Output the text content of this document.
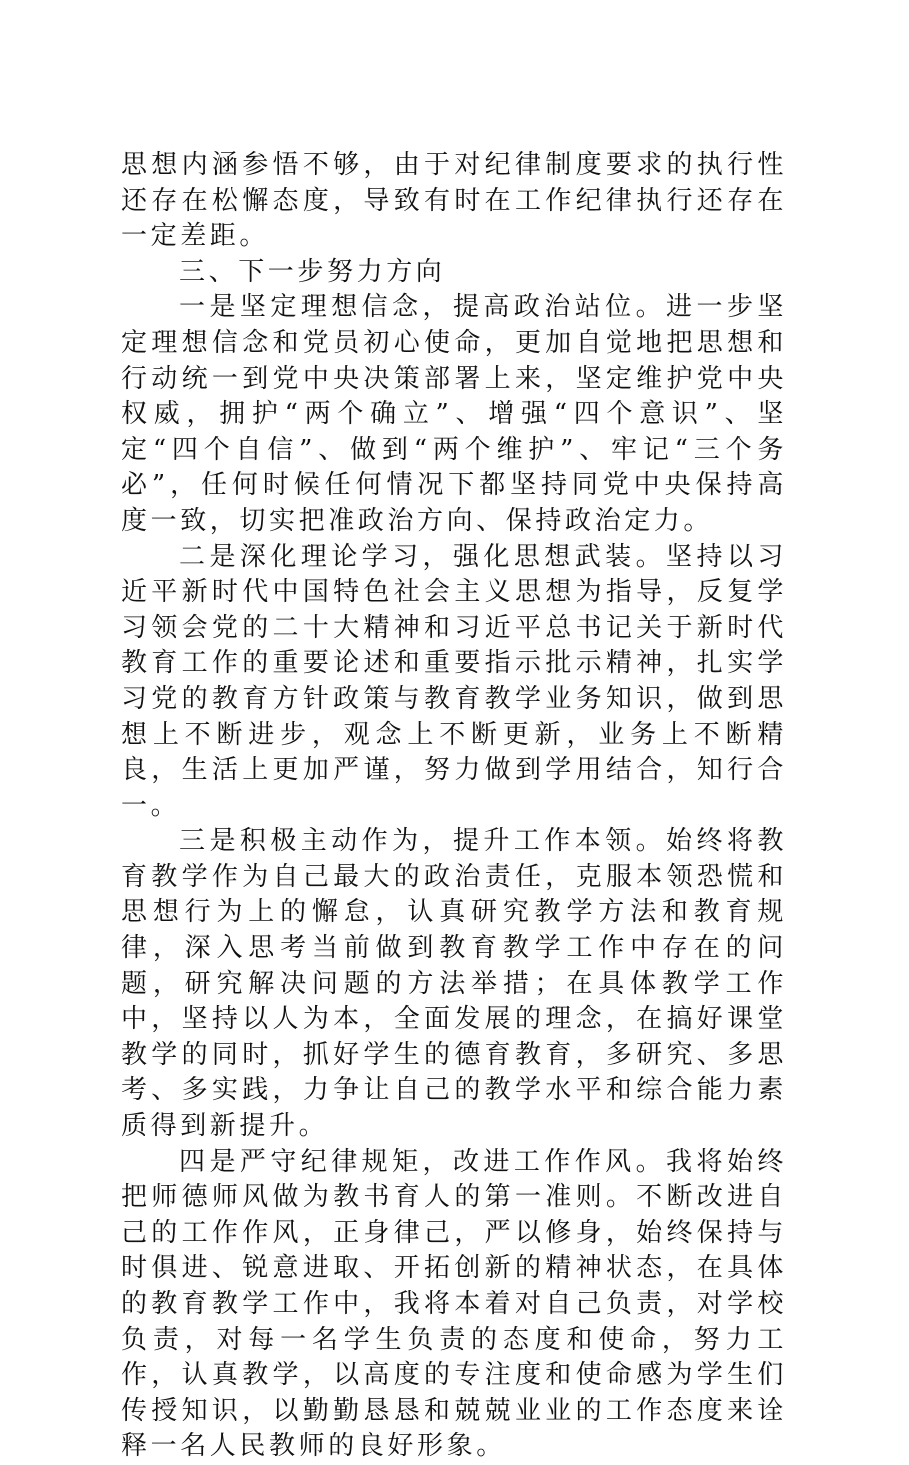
思想内涵参悟不够，由于对纪律制度要求的执行性还存在松懈态度，导致有时在工作纪律执行还存在一定差距。

三、下一步努力方向

一是坚定理想信念，提高政治站位。进一步坚定理想信念和党员初心使命，更加自觉地把思想和行动统一到党中央决策部署上来，坚定维护党中央权威，拥护“两个确立”、增强“四个意识”、坚定“四个自信”、做到“两个维护”、牢记“三个务必”，任何时候任何情况下都坚持同党中央保持高度一致，切实把准政治方向、保持政治定力。

二是深化理论学习，强化思想武装。坚持以习近平新时代中国特色社会主义思想为指导，反复学习领会党的二十大精神和习近平总书记关于新时代教育工作的重要论述和重要指示批示精神，扎实学习党的教育方针政策与教育教学业务知识，做到思想上不断进步，观念上不断更新，业务上不断精良，生活上更加严谨，努力做到学用结合，知行合一。

三是积极主动作为，提升工作本领。始终将教育教学作为自己最大的政治责任，克服本领恐慌和思想行为上的懈怠，认真研究教学方法和教育规律，深入思考当前做到教育教学工作中存在的问题，研究解决问题的方法举措；在具体教学工作中，坚持以人为本，全面发展的理念，在搞好课堂教学的同时，抓好学生的德育教育，多研究、多思考、多实践，力争让自己的教学水平和综合能力素质得到新提升。

四是严守纪律规矩，改进工作作风。我将始终把师德师风做为教书育人的第一准则。不断改进自己的工作作风，正身律己，严以修身，始终保持与时俱进、锐意进取、开拓创新的精神状态，在具体的教育教学工作中，我将本着对自己负责，对学校负责，对每一名学生负责的态度和使命，努力工作，认真教学，以高度的专注度和使命感为学生们传授知识，以勤勤恳恳和兢兢业业的工作态度来诠释一名人民教师的良好形象。
